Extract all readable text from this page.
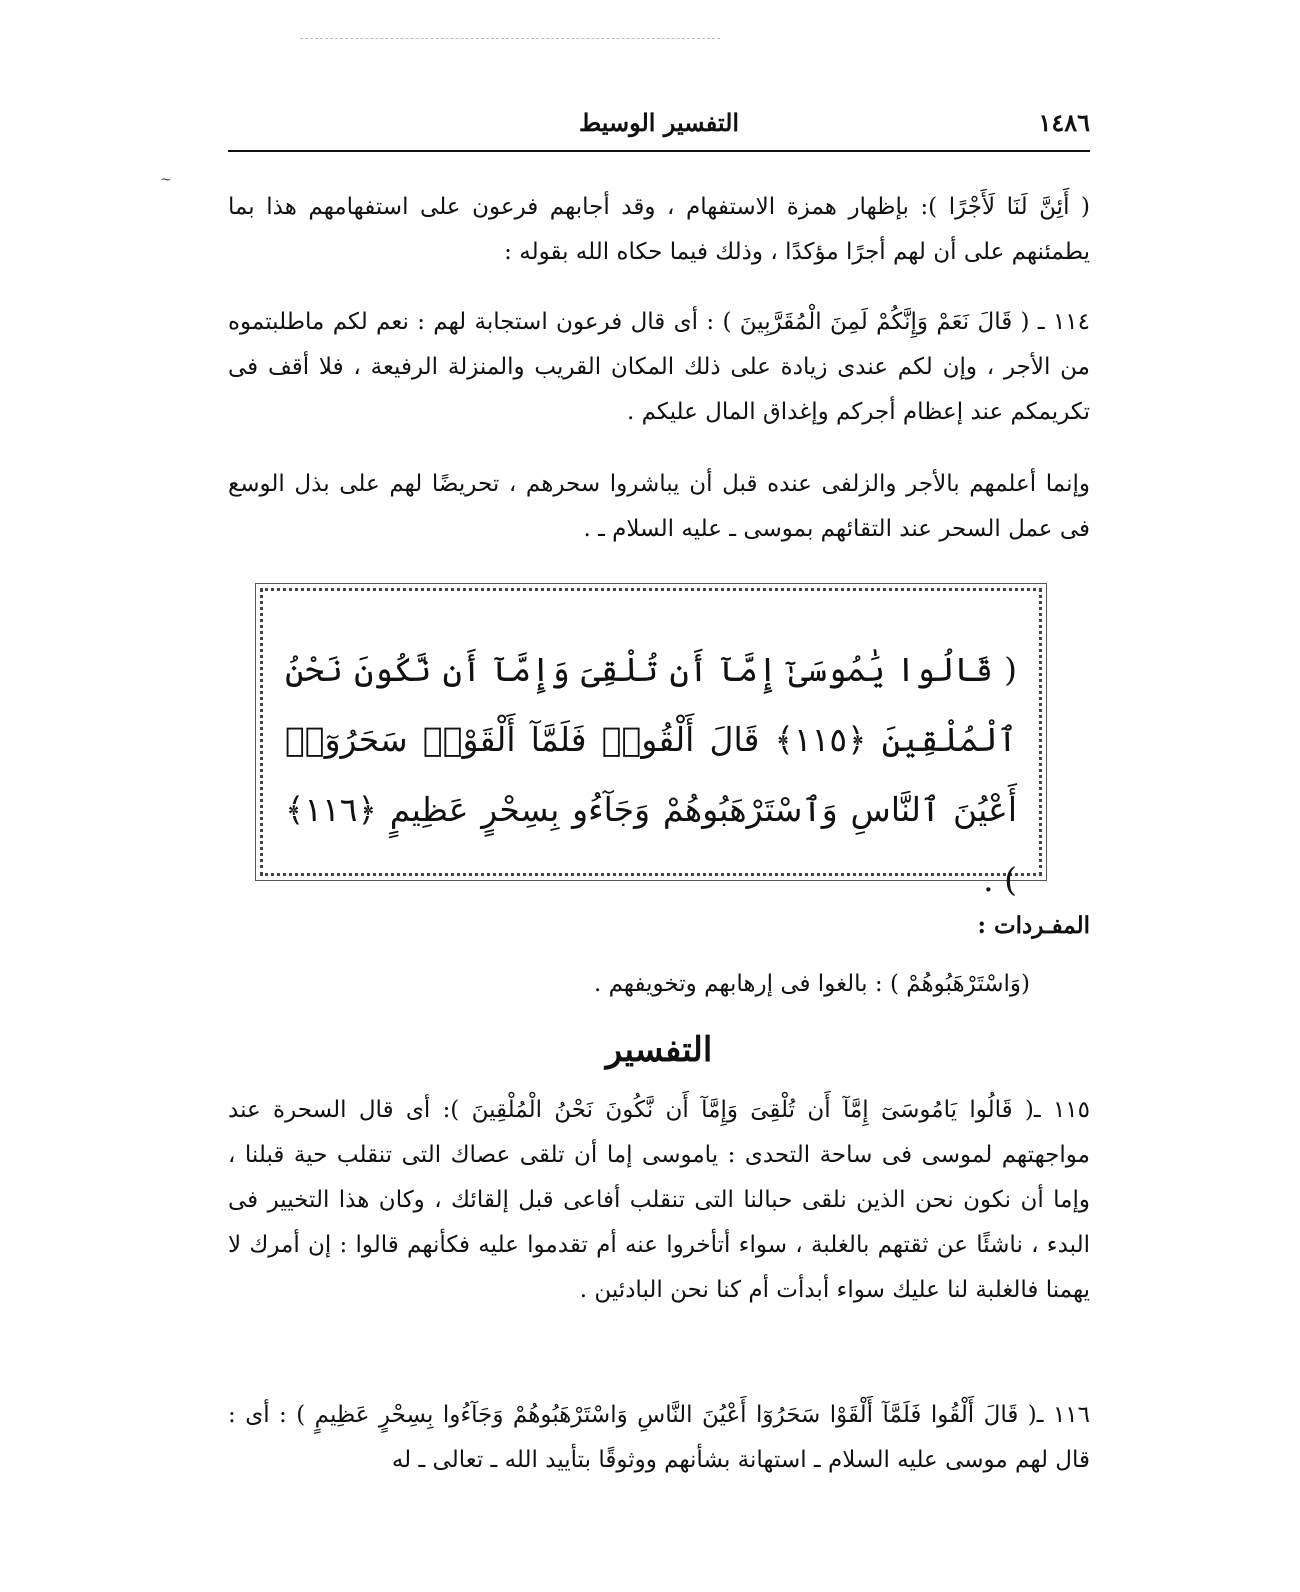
~
١٤٨٦
التفسير الوسيط
( أَئِنَّ لَنَا لَأَجْرًا ): بإظهار همزة الاستفهام ، وقد أجابهم فرعون على استفهامهم هذا بما يطمئنهم على أن لهم أجرًا مؤكدًا ، وذلك فيما حكاه الله بقوله :
١١٤ ـ ( قَالَ نَعَمْ وَإِنَّكُمْ لَمِنَ الْمُقَرَّبِينَ ) : أى قال فرعون استجابة لهم : نعم لكم ماطلبتموه من الأجر ، وإن لكم عندى زيادة على ذلك المكان القريب والمنزلة الرفيعة ، فلا أقف فى تكريمكم عند إعظام أجركم وإغداق المال عليكم .
وإنما أعلمهم بالأجر والزلفى عنده قبل أن يباشروا سحرهم ، تحريضًا لهم على بذل الوسع فى عمل السحر عند التقائهم بموسى ـ عليه السلام ـ .
( قَالُوا يَٰمُوسَىٰٓ إِمَّآ أَن تُلْقِىَ وَإِمَّآ أَن نَّكُونَ نَحْنُ ٱلْمُلْقِينَ ﴿١١٥﴾ قَالَ أَلْقُوا۟ فَلَمَّآ أَلْقَوْا۟ سَحَرُوٓا۟ أَعْيُنَ ٱلنَّاسِ وَٱسْتَرْهَبُوهُمْ وَجَآءُو بِسِحْرٍ عَظِيمٍ ﴿١١٦﴾ ) .
المفـردات :
(وَاسْتَرْهَبُوهُمْ ) : بالغوا فى إرهابهم وتخويفهم .
التفسير
١١٥ ـ( قَالُوا يَامُوسَىٓ إِمَّآ أَن تُلْقِىَ وَإِمَّآ أَن نَّكُونَ نَحْنُ الْمُلْقِينَ ): أى قال السحرة عند مواجهتهم لموسى فى ساحة التحدى : ياموسى إما أن تلقى عصاك التى تنقلب حية قبلنا ، وإما أن نكون نحن الذين نلقى حبالنا التى تنقلب أفاعى قبل إلقائك ، وكان هذا التخيير فى البدء ، ناشئًا عن ثقتهم بالغلبة ، سواء أتأخروا عنه أم تقدموا عليه فكأنهم قالوا : إن أمرك لا يهمنا فالغلبة لنا عليك سواء أبدأت أم كنا نحن البادئين .
١١٦ ـ( قَالَ أَلْقُوا فَلَمَّآ أَلْقَوْا سَحَرُوٓا أَعْيُنَ النَّاسِ وَاسْتَرْهَبُوهُمْ وَجَآءُوا بِسِحْرٍ عَظِيمٍ ) : أى : قال لهم موسى عليه السلام ـ استهانة بشأنهم ووثوقًا بتأييد الله ـ تعالى ـ له
